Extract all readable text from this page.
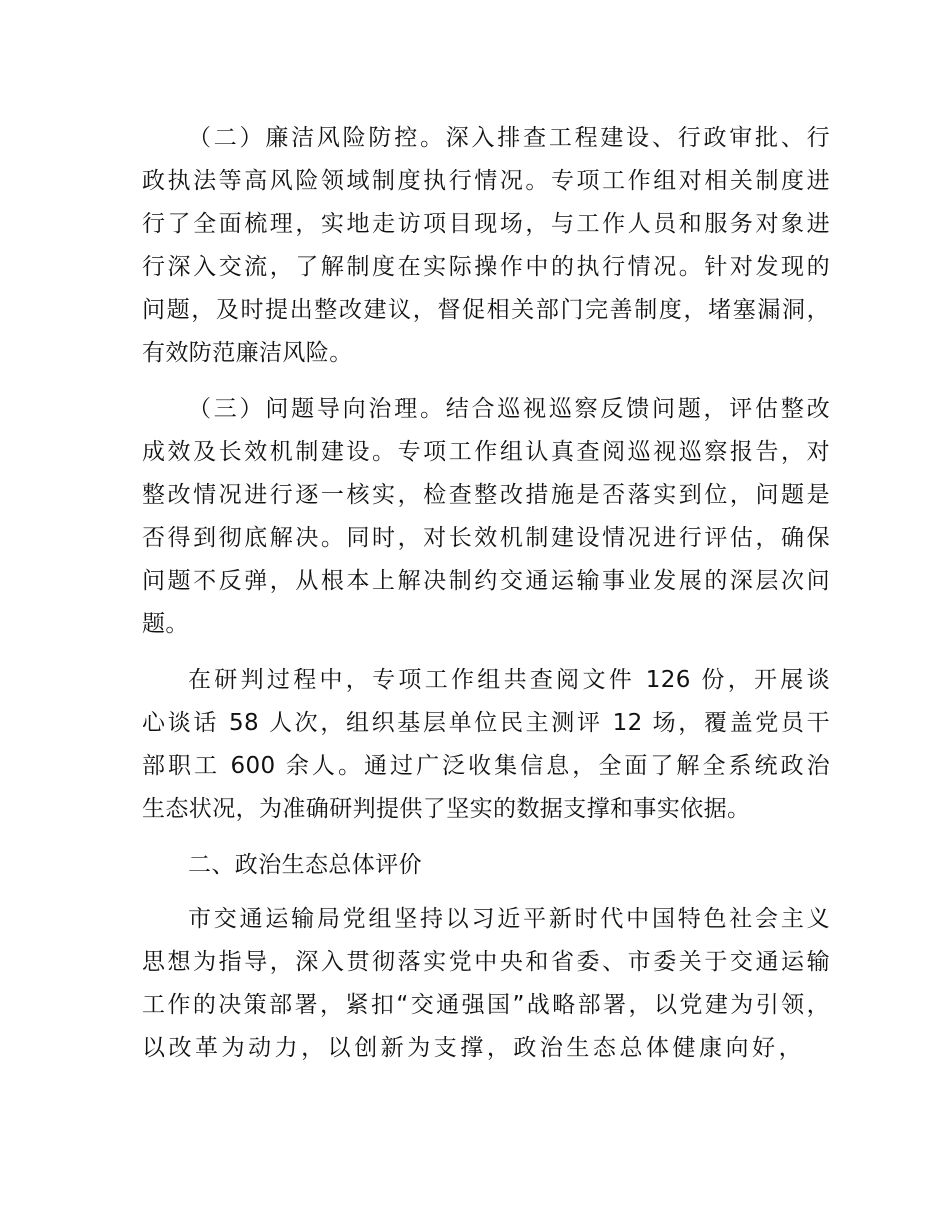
（二）廉洁风险防控。深入排查工程建设、行政审批、行
政执法等高风险领域制度执行情况。专项工作组对相关制度进
行了全面梳理，实地走访项目现场，与工作人员和服务对象进
行深入交流，了解制度在实际操作中的执行情况。针对发现的
问题，及时提出整改建议，督促相关部门完善制度，堵塞漏洞，
有效防范廉洁风险。
（三）问题导向治理。结合巡视巡察反馈问题，评估整改
成效及长效机制建设。专项工作组认真查阅巡视巡察报告，对
整改情况进行逐一核实，检查整改措施是否落实到位，问题是
否得到彻底解决。同时，对长效机制建设情况进行评估，确保
问题不反弹，从根本上解决制约交通运输事业发展的深层次问
题。
在研判过程中，专项工作组共查阅文件 126 份，开展谈
心谈话 58 人次，组织基层单位民主测评 12 场，覆盖党员干
部职工 600 余人。通过广泛收集信息，全面了解全系统政治
生态状况，为准确研判提供了坚实的数据支撑和事实依据。
二、政治生态总体评价
市交通运输局党组坚持以习近平新时代中国特色社会主义
思想为指导，深入贯彻落实党中央和省委、市委关于交通运输
工作的决策部署，紧扣“交通强国”战略部署，以党建为引领，
以改革为动力，以创新为支撑，政治生态总体健康向好，
